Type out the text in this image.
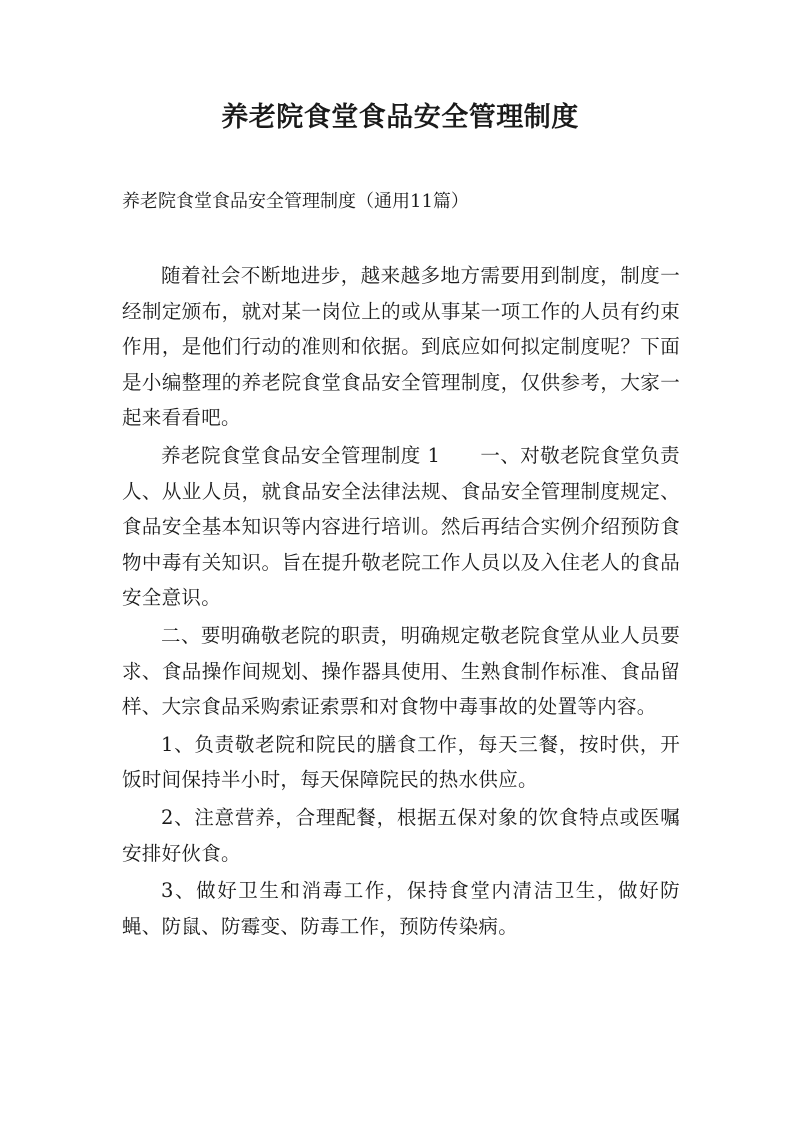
养老院食堂食品安全管理制度

养老院食堂食品安全管理制度（通用11篇）

随着社会不断地进步，越来越多地方需要用到制度，制度一经制定颁布，就对某一岗位上的或从事某一项工作的人员有约束作用，是他们行动的准则和依据。到底应如何拟定制度呢？下面是小编整理的养老院食堂食品安全管理制度，仅供参考，大家一起来看看吧。

养老院食堂食品安全管理制度 1　　一、对敬老院食堂负责人、从业人员，就食品安全法律法规、食品安全管理制度规定、食品安全基本知识等内容进行培训。然后再结合实例介绍预防食物中毒有关知识。旨在提升敬老院工作人员以及入住老人的食品安全意识。

二、要明确敬老院的职责，明确规定敬老院食堂从业人员要求、食品操作间规划、操作器具使用、生熟食制作标准、食品留样、大宗食品采购索证索票和对食物中毒事故的处置等内容。

1、负责敬老院和院民的膳食工作，每天三餐，按时供，开饭时间保持半小时，每天保障院民的热水供应。

2、注意营养，合理配餐，根据五保对象的饮食特点或医嘱安排好伙食。

3、做好卫生和消毒工作，保持食堂内清洁卫生，做好防蝇、防鼠、防霉变、防毒工作，预防传染病。
